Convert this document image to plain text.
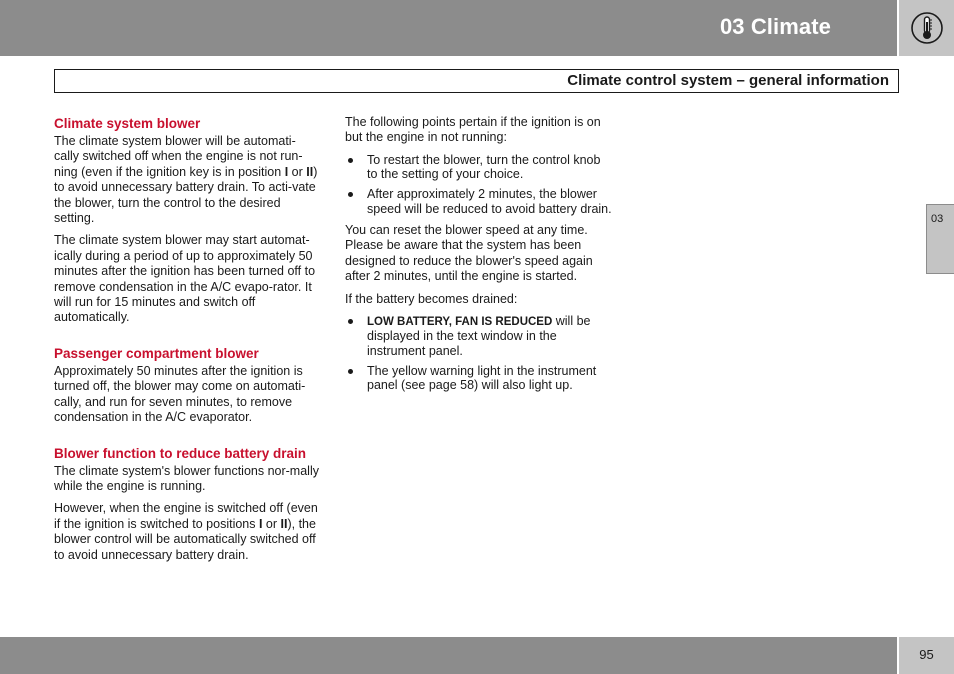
03 Climate
Climate control system – general information
Climate system blower

The climate system blower will be automati-cally switched off when the engine is not run-ning (even if the ignition key is in position I or II) to avoid unnecessary battery drain. To acti-vate the blower, turn the control to the desired setting.

The climate system blower may start automat-ically during a period of up to approximately 50 minutes after the ignition has been turned off to remove condensation in the A/C evapo-rator. It will run for 15 minutes and switch off automatically.

Passenger compartment blower

Approximately 50 minutes after the ignition is turned off, the blower may come on automati-cally, and run for seven minutes, to remove condensation in the A/C evaporator.

Blower function to reduce battery drain

The climate system's blower functions nor-mally while the engine is running.

However, when the engine is switched off (even if the ignition is switched to positions I or II), the blower control will be automatically switched off to avoid unnecessary battery drain.

The following points pertain if the ignition is on but the engine in not running:

To restart the blower, turn the control knob to the setting of your choice.
After approximately 2 minutes, the blower speed will be reduced to avoid battery drain.

You can reset the blower speed at any time. Please be aware that the system has been designed to reduce the blower's speed again after 2 minutes, until the engine is started.

If the battery becomes drained:

LOW BATTERY, FAN IS REDUCED will be displayed in the text window in the instrument panel.
The yellow warning light in the instrument panel (see page 58) will also light up.
03
95
